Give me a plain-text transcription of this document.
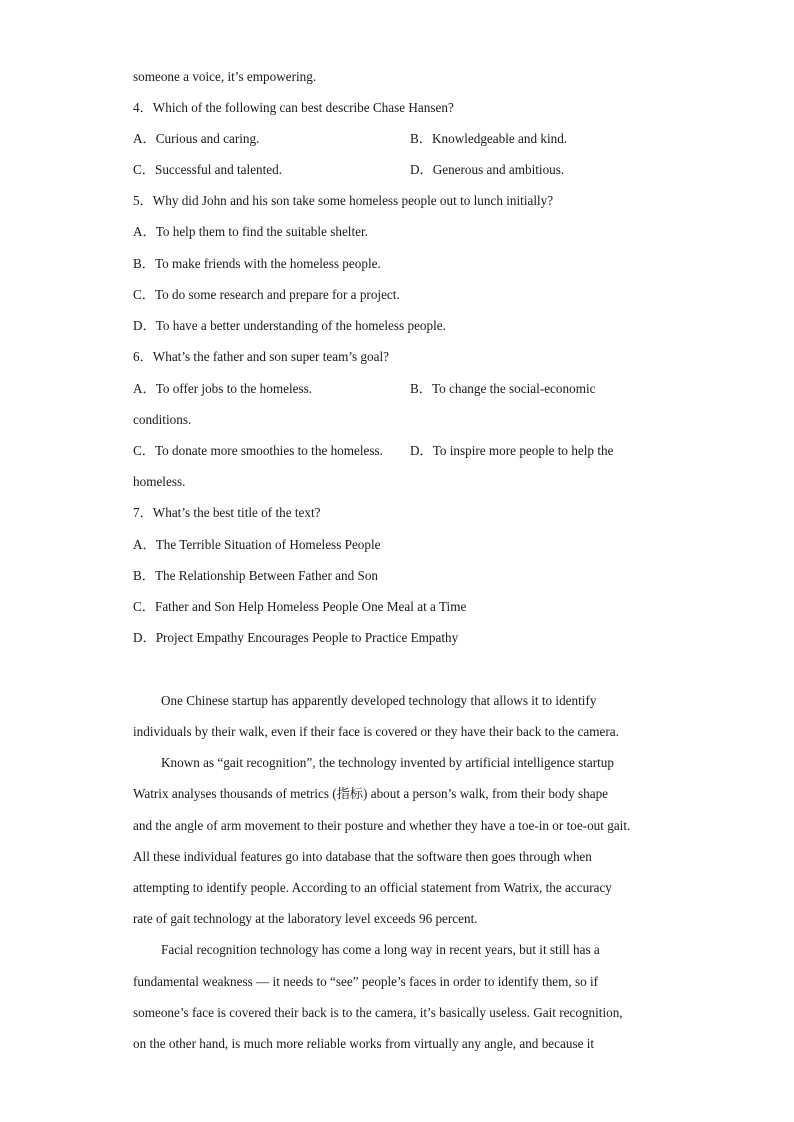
someone a voice, it’s empowering.
4．Which of the following can best describe Chase Hansen?
A．Curious and caring.	B．Knowledgeable and kind.
C．Successful and talented.	D．Generous and ambitious.
5．Why did John and his son take some homeless people out to lunch initially?
A．To help them to find the suitable shelter.
B．To make friends with the homeless people.
C．To do some research and prepare for a project.
D．To have a better understanding of the homeless people.
6．What’s the father and son super team’s goal?
A．To offer jobs to the homeless.	B．To change the social-economic
conditions.
C．To donate more smoothies to the homeless. D．To inspire more people to help the
homeless.
7．What’s the best title of the text?
A．The Terrible Situation of Homeless People
B．The Relationship Between Father and Son
C．Father and Son Help Homeless People One Meal at a Time
D．Project Empathy Encourages People to Practice Empathy
One Chinese startup has apparently developed technology that allows it to identify
individuals by their walk, even if their face is covered or they have their back to the camera.
Known as “gait recognition”, the technology invented by artificial intelligence startup
Watrix analyses thousands of metrics (指标) about a person’s walk, from their body shape
and the angle of arm movement to their posture and whether they have a toe-in or toe-out gait.
All these individual features go into database that the software then goes through when
attempting to identify people. According to an official statement from Watrix, the accuracy
rate of gait technology at the laboratory level exceeds 96 percent.
Facial recognition technology has come a long way in recent years, but it still has a
fundamental weakness — it needs to “see” people’s faces in order to identify them, so if
someone’s face is covered their back is to the camera, it’s basically useless. Gait recognition,
on the other hand, is much more reliable works from virtually any angle, and because it
